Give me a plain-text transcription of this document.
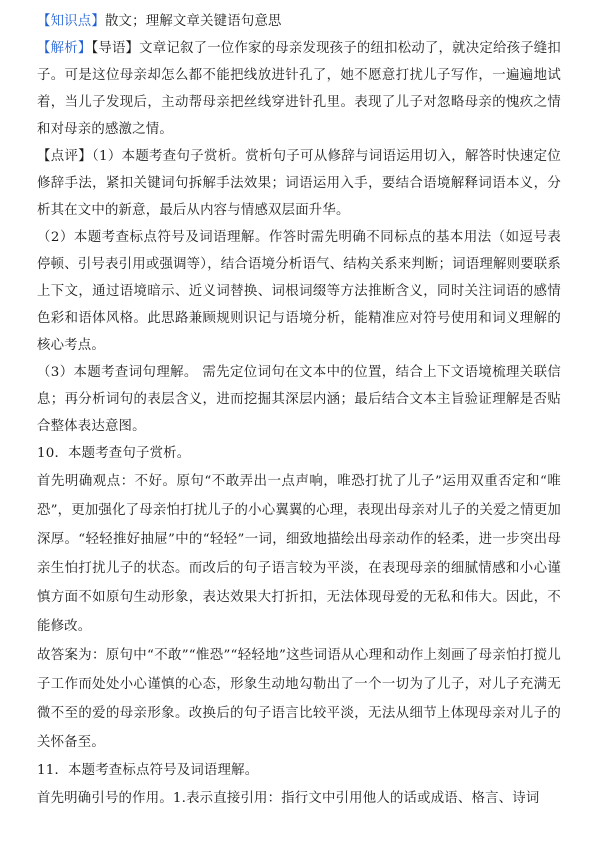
【知识点】散文；理解文章关键语句意思

【解析】【导语】文章记叙了一位作家的母亲发现孩子的纽扣松动了，就决定给孩子缝扣子。可是这位母亲却怎么都不能把线放进针孔了，她不愿意打扰儿子写作，一遍遍地试着，当儿子发现后，主动帮母亲把丝线穿进针孔里。表现了儿子对忽略母亲的愧疚之情和对母亲的感激之情。

【点评】（1）本题考查句子赏析。赏析句子可从修辞与词语运用切入，解答时快速定位修辞手法，紧扣关键词句拆解手法效果；词语运用入手，要结合语境解释词语本义，分析其在文中的新意，最后从内容与情感双层面升华。

（2）本题考查标点符号及词语理解。作答时需先明确不同标点的基本用法（如逗号表停顿、引号表引用或强调等），结合语境分析语气、结构关系来判断；词语理解则要联系上下文，通过语境暗示、近义词替换、词根词缀等方法推断含义，同时关注词语的感情色彩和语体风格。此思路兼顾规则识记与语境分析，能精准应对符号使用和词义理解的核心考点。

（3）本题考查词句理解。 需先定位词句在文本中的位置，结合上下文语境梳理关联信息；再分析词句的表层含义，进而挖掘其深层内涵；最后结合文本主旨验证理解是否贴合整体表达意图。

10．本题考查句子赏析。

首先明确观点：不好。原句“不敢弄出一点声响，唯恐打扰了儿子”运用双重否定和“唯恐”，更加强化了母亲怕打扰儿子的小心翼翼的心理，表现出母亲对儿子的关爱之情更加深厚。“轻轻推好抽屉”中的“轻轻”一词，细致地描绘出母亲动作的轻柔，进一步突出母亲生怕打扰儿子的状态。而改后的句子语言较为平淡，在表现母亲的细腻情感和小心谨慎方面不如原句生动形象，表达效果大打折扣，无法体现母爱的无私和伟大。因此，不能修改。

故答案为：原句中“不敢”“惟恐”“轻轻地”这些词语从心理和动作上刻画了母亲怕打搅儿子工作而处处小心谨慎的心态，形象生动地勾勒出了一个一切为了儿子，对儿子充满无微不至的爱的母亲形象。改换后的句子语言比较平淡，无法从细节上体现母亲对儿子的关怀备至。

11．本题考查标点符号及词语理解。

首先明确引号的作用。1.表示直接引用：指行文中引用他人的话或成语、格言、诗词
